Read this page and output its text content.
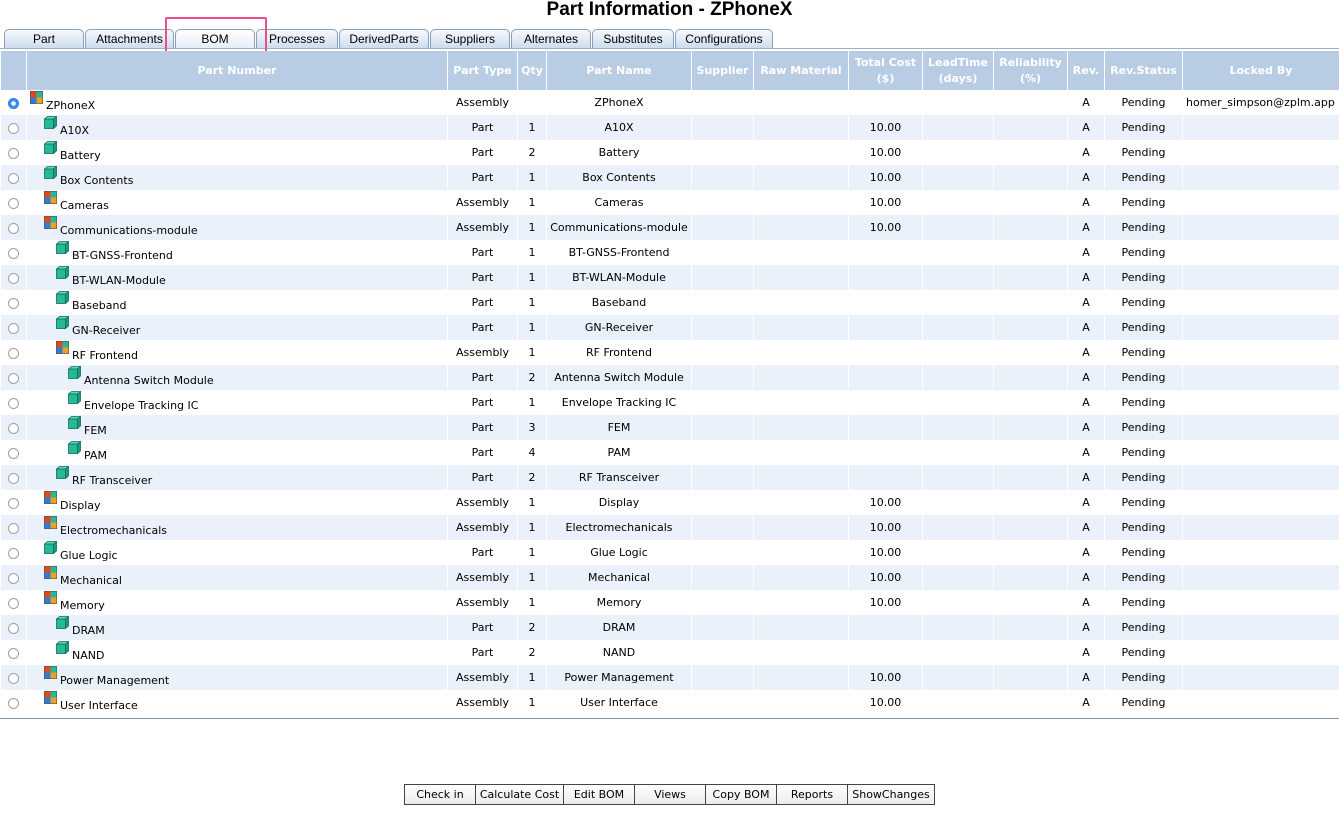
Part Information - ZPhoneX
Part	Attachments	BOM	Processes	DerivedParts	Suppliers	Alternates	Substitutes	Configurations
	Part Number	Part Type	Qty	Part Name	Supplier	Raw Material	Total Cost ($)	LeadTime (days)	Reliability (%)	Rev.	Rev.Status	Locked By
	ZPhoneX	Assembly		ZPhoneX						A	Pending	homer_simpson@zplm.app
	A10X	Part	1	A10X			10.00			A	Pending	
	Battery	Part	2	Battery			10.00			A	Pending	
	Box Contents	Part	1	Box Contents			10.00			A	Pending	
	Cameras	Assembly	1	Cameras			10.00			A	Pending	
	Communications-module	Assembly	1	Communications-module			10.00			A	Pending	
	BT-GNSS-Frontend	Part	1	BT-GNSS-Frontend						A	Pending	
	BT-WLAN-Module	Part	1	BT-WLAN-Module						A	Pending	
	Baseband	Part	1	Baseband						A	Pending	
	GN-Receiver	Part	1	GN-Receiver						A	Pending	
	RF Frontend	Assembly	1	RF Frontend						A	Pending	
	Antenna Switch Module	Part	2	Antenna Switch Module						A	Pending	
	Envelope Tracking IC	Part	1	Envelope Tracking IC						A	Pending	
	FEM	Part	3	FEM						A	Pending	
	PAM	Part	4	PAM						A	Pending	
	RF Transceiver	Part	2	RF Transceiver						A	Pending	
	Display	Assembly	1	Display			10.00			A	Pending	
	Electromechanicals	Assembly	1	Electromechanicals			10.00			A	Pending	
	Glue Logic	Part	1	Glue Logic			10.00			A	Pending	
	Mechanical	Assembly	1	Mechanical			10.00			A	Pending	
	Memory	Assembly	1	Memory			10.00			A	Pending	
	DRAM	Part	2	DRAM						A	Pending	
	NAND	Part	2	NAND						A	Pending	
	Power Management	Assembly	1	Power Management			10.00			A	Pending	
	User Interface	Assembly	1	User Interface			10.00			A	Pending	
Check in	Calculate Cost	Edit BOM	Views	Copy BOM	Reports	ShowChanges
